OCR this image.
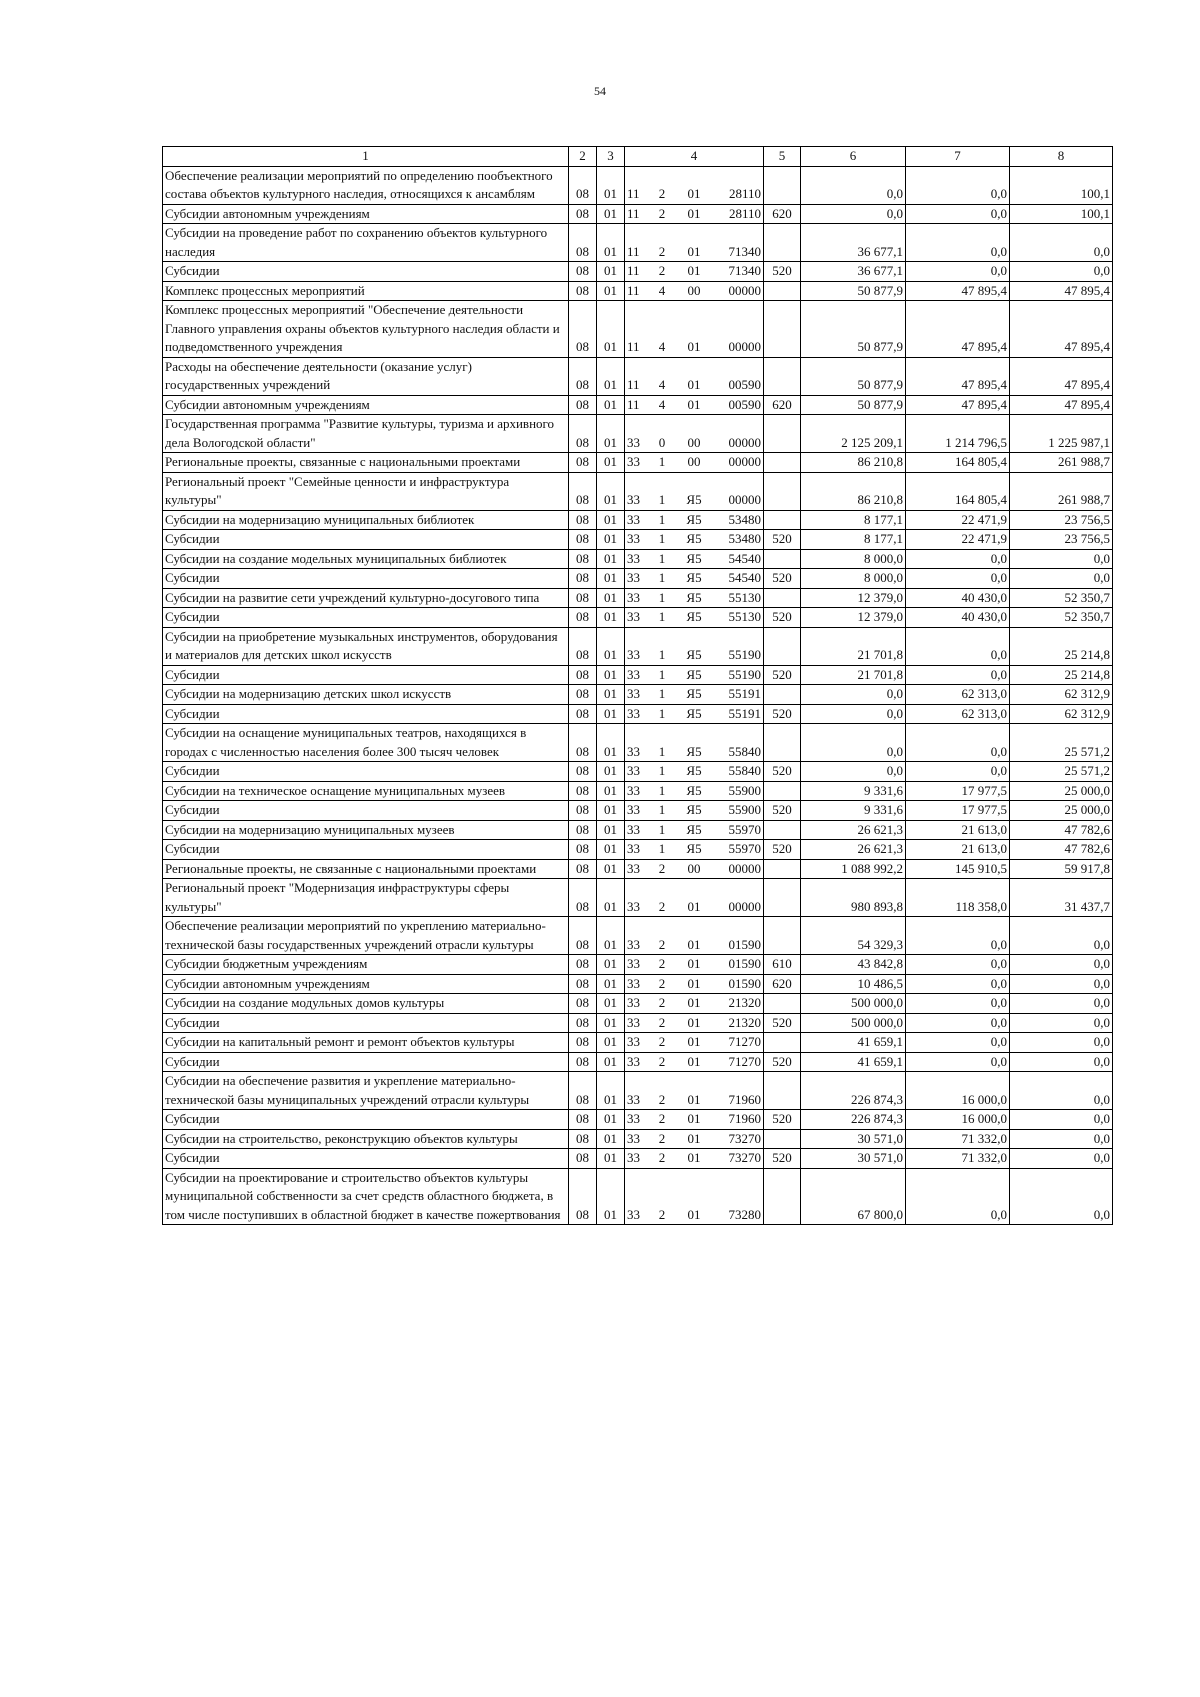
54
1	2	3	4	5	6	7	8
Обеспечение реализации мероприятий по определению пообъектного состава объектов культурного наследия, относящихся к ансамблям	08	01	11 2 01 28110		0,0	0,0	100,1
Субсидии автономным учреждениям	08	01	11 2 01 28110	620	0,0	0,0	100,1
Субсидии на проведение работ по сохранению объектов культурного наследия	08	01	11 2 01 71340		36 677,1	0,0	0,0
Субсидии	08	01	11 2 01 71340	520	36 677,1	0,0	0,0
Комплекс процессных мероприятий	08	01	11 4 00 00000		50 877,9	47 895,4	47 895,4
Комплекс процессных мероприятий "Обеспечение деятельности Главного управления охраны объектов культурного наследия области и подведомственного учреждения	08	01	11 4 01 00000		50 877,9	47 895,4	47 895,4
Расходы на обеспечение деятельности (оказание услуг) государственных учреждений	08	01	11 4 01 00590		50 877,9	47 895,4	47 895,4
Субсидии автономным учреждениям	08	01	11 4 01 00590	620	50 877,9	47 895,4	47 895,4
Государственная программа "Развитие культуры, туризма и архивного дела Вологодской области"	08	01	33 0 00 00000		2 125 209,1	1 214 796,5	1 225 987,1
Региональные проекты, связанные с национальными проектами	08	01	33 1 00 00000		86 210,8	164 805,4	261 988,7
Региональный проект "Семейные ценности и инфраструктура культуры"	08	01	33 1 Я5 00000		86 210,8	164 805,4	261 988,7
Субсидии на модернизацию муниципальных библиотек	08	01	33 1 Я5 53480		8 177,1	22 471,9	23 756,5
Субсидии	08	01	33 1 Я5 53480	520	8 177,1	22 471,9	23 756,5
Субсидии на создание модельных муниципальных библиотек	08	01	33 1 Я5 54540		8 000,0	0,0	0,0
Субсидии	08	01	33 1 Я5 54540	520	8 000,0	0,0	0,0
Субсидии на развитие сети учреждений культурно-досугового типа	08	01	33 1 Я5 55130		12 379,0	40 430,0	52 350,7
Субсидии	08	01	33 1 Я5 55130	520	12 379,0	40 430,0	52 350,7
Субсидии на приобретение музыкальных инструментов, оборудования и материалов для детских школ искусств	08	01	33 1 Я5 55190		21 701,8	0,0	25 214,8
Субсидии	08	01	33 1 Я5 55190	520	21 701,8	0,0	25 214,8
Субсидии на модернизацию детских школ искусств	08	01	33 1 Я5 55191		0,0	62 313,0	62 312,9
Субсидии	08	01	33 1 Я5 55191	520	0,0	62 313,0	62 312,9
Субсидии на оснащение муниципальных театров, находящихся в городах с численностью населения более 300 тысяч человек	08	01	33 1 Я5 55840		0,0	0,0	25 571,2
Субсидии	08	01	33 1 Я5 55840	520	0,0	0,0	25 571,2
Субсидии на техническое оснащение муниципальных музеев	08	01	33 1 Я5 55900		9 331,6	17 977,5	25 000,0
Субсидии	08	01	33 1 Я5 55900	520	9 331,6	17 977,5	25 000,0
Субсидии на модернизацию муниципальных музеев	08	01	33 1 Я5 55970		26 621,3	21 613,0	47 782,6
Субсидии	08	01	33 1 Я5 55970	520	26 621,3	21 613,0	47 782,6
Региональные проекты, не связанные с национальными проектами	08	01	33 2 00 00000		1 088 992,2	145 910,5	59 917,8
Региональный проект "Модернизация инфраструктуры сферы культуры"	08	01	33 2 01 00000		980 893,8	118 358,0	31 437,7
Обеспечение реализации мероприятий по укреплению материально-технической базы государственных учреждений отрасли культуры	08	01	33 2 01 01590		54 329,3	0,0	0,0
Субсидии бюджетным учреждениям	08	01	33 2 01 01590	610	43 842,8	0,0	0,0
Субсидии автономным учреждениям	08	01	33 2 01 01590	620	10 486,5	0,0	0,0
Субсидии на создание модульных домов культуры	08	01	33 2 01 21320		500 000,0	0,0	0,0
Субсидии	08	01	33 2 01 21320	520	500 000,0	0,0	0,0
Субсидии на капитальный ремонт и ремонт объектов культуры	08	01	33 2 01 71270		41 659,1	0,0	0,0
Субсидии	08	01	33 2 01 71270	520	41 659,1	0,0	0,0
Субсидии на обеспечение развития и укрепление материально-технической базы муниципальных учреждений отрасли культуры	08	01	33 2 01 71960		226 874,3	16 000,0	0,0
Субсидии	08	01	33 2 01 71960	520	226 874,3	16 000,0	0,0
Субсидии на строительство, реконструкцию объектов культуры	08	01	33 2 01 73270		30 571,0	71 332,0	0,0
Субсидии	08	01	33 2 01 73270	520	30 571,0	71 332,0	0,0
Субсидии на проектирование и строительство объектов культуры муниципальной собственности за счет средств областного бюджета, в том числе поступивших в областной бюджет в качестве пожертвования	08	01	33 2 01 73280		67 800,0	0,0	0,0
